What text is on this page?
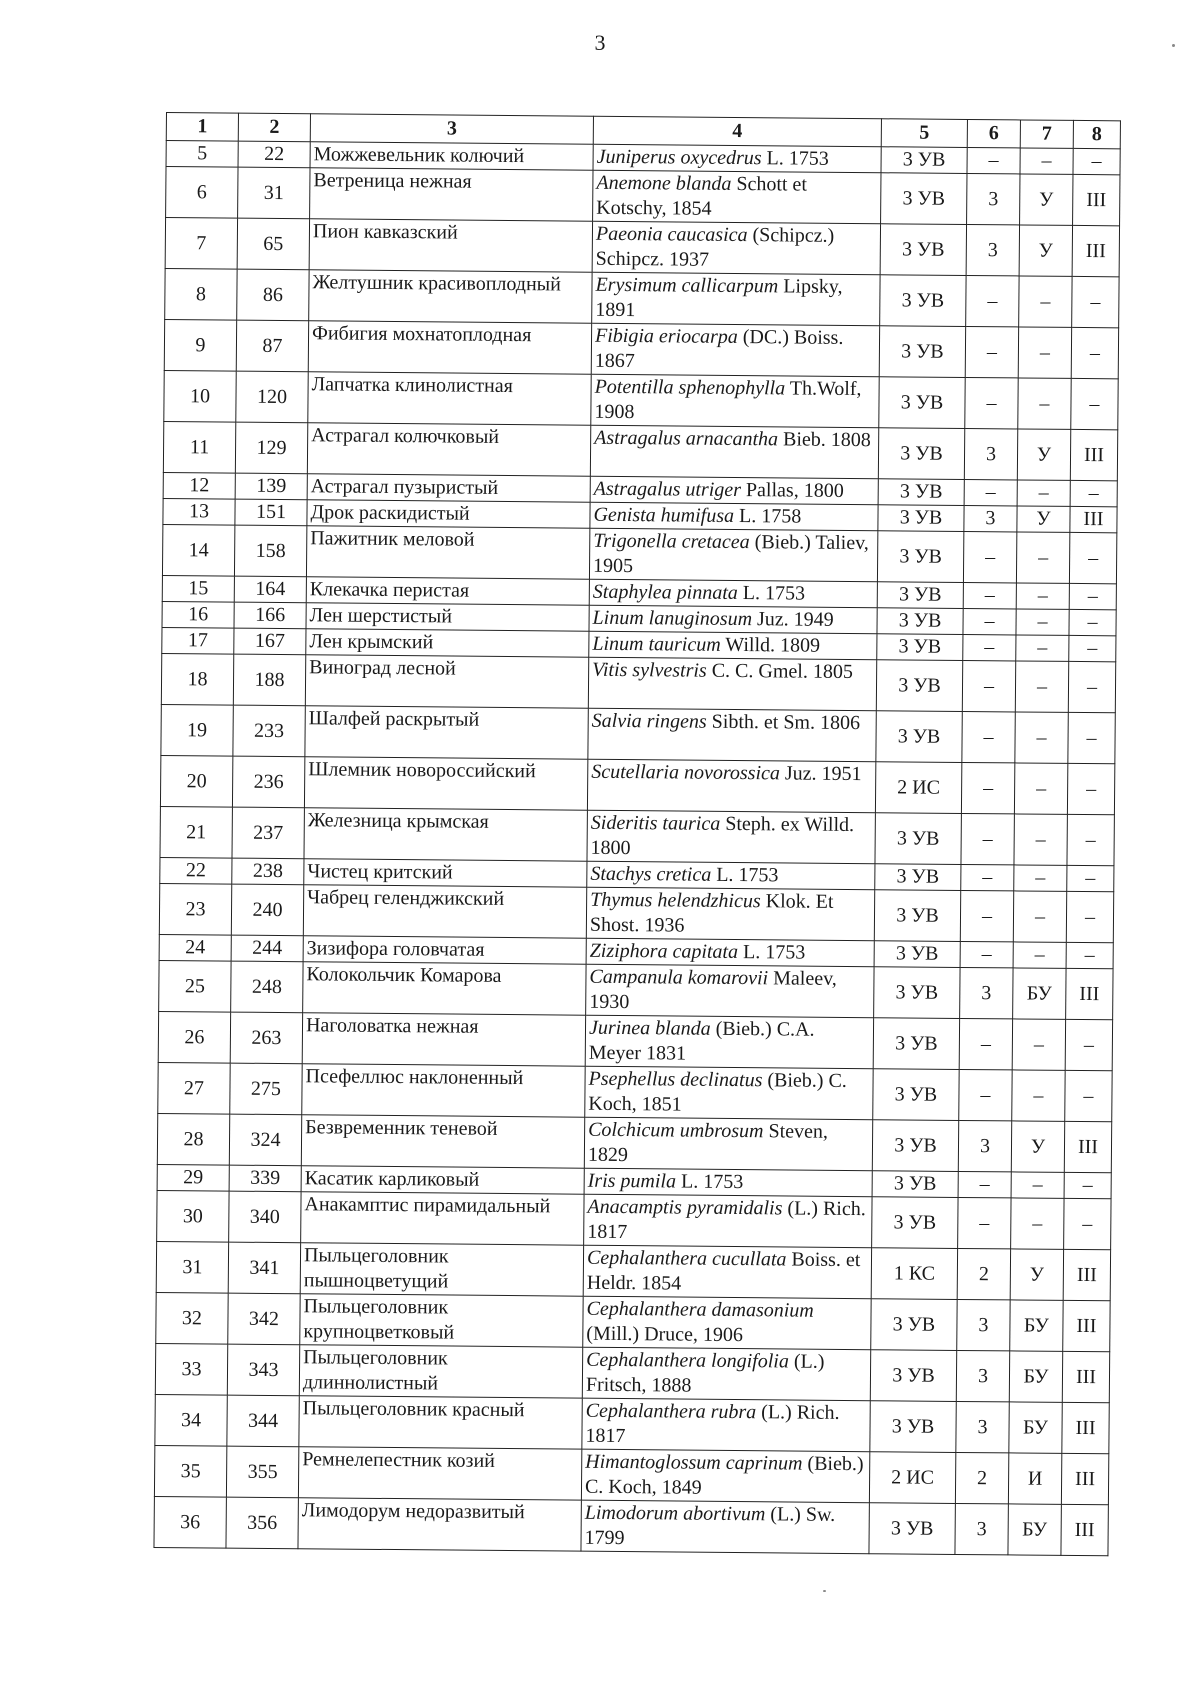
3
1	2	3	4	5	6	7	8
5	22	Можжевельник колючий	Juniperus oxycedrus L. 1753	3 УВ	–	–	–
6	31	Ветреница нежная	Anemone blanda Schott et Kotschy, 1854	3 УВ	3	У	III
7	65	Пион кавказский	Paeonia caucasica (Schipcz.) Schipcz. 1937	3 УВ	3	У	III
8	86	Желтушник красивоплодный	Erysimum callicarpum Lipsky, 1891	3 УВ	–	–	–
9	87	Фибигия мохнатоплодная	Fibigia eriocarpa (DC.) Boiss. 1867	3 УВ	–	–	–
10	120	Лапчатка клинолистная	Potentilla sphenophylla Th.Wolf, 1908	3 УВ	–	–	–
11	129	Астрагал колючковый	Astragalus arnacantha Bieb. 1808	3 УВ	3	У	III
12	139	Астрагал пузыристый	Astragalus utriger Pallas, 1800	3 УВ	–	–	–
13	151	Дрок раскидистый	Genista humifusa L. 1758	3 УВ	3	У	III
14	158	Пажитник меловой	Trigonella cretacea (Bieb.) Taliev, 1905	3 УВ	–	–	–
15	164	Клекачка перистая	Staphylea pinnata L. 1753	3 УВ	–	–	–
16	166	Лен шерстистый	Linum lanuginosum Juz. 1949	3 УВ	–	–	–
17	167	Лен крымский	Linum tauricum Willd. 1809	3 УВ	–	–	–
18	188	Виноград лесной	Vitis sylvestris C. C. Gmel. 1805	3 УВ	–	–	–
19	233	Шалфей раскрытый	Salvia ringens Sibth. et Sm. 1806	3 УВ	–	–	–
20	236	Шлемник новороссийский	Scutellaria novorossica Juz. 1951	2 ИС	–	–	–
21	237	Железница крымская	Sideritis taurica Steph. ex Willd. 1800	3 УВ	–	–	–
22	238	Чистец критский	Stachys cretica L. 1753	3 УВ	–	–	–
23	240	Чабрец геленджикский	Thymus helendzhicus Klok. Et Shost. 1936	3 УВ	–	–	–
24	244	Зизифора головчатая	Ziziphora capitata L. 1753	3 УВ	–	–	–
25	248	Колокольчик Комарова	Campanula komarovii Maleev, 1930	3 УВ	3	БУ	III
26	263	Наголоватка нежная	Jurinea blanda (Bieb.) C.A. Meyer 1831	3 УВ	–	–	–
27	275	Псефеллюс наклоненный	Psephellus declinatus (Bieb.) C. Koch, 1851	3 УВ	–	–	–
28	324	Безвременник теневой	Colchicum umbrosum Steven, 1829	3 УВ	3	У	III
29	339	Касатик карликовый	Iris pumila L. 1753	3 УВ	–	–	–
30	340	Анакамптис пирамидальный	Anacamptis pyramidalis (L.) Rich. 1817	3 УВ	–	–	–
31	341	Пыльцеголовник пышноцветущий	Cephalanthera cucullata Boiss. et Heldr. 1854	1 КС	2	У	III
32	342	Пыльцеголовник крупноцветковый	Cephalanthera damasonium (Mill.) Druce, 1906	3 УВ	3	БУ	III
33	343	Пыльцеголовник длиннолистный	Cephalanthera longifolia (L.) Fritsch, 1888	3 УВ	3	БУ	III
34	344	Пыльцеголовник красный	Cephalanthera rubra (L.) Rich. 1817	3 УВ	3	БУ	III
35	355	Ремнелепестник козий	Himantoglossum caprinum (Bieb.) C. Koch, 1849	2 ИС	2	И	III
36	356	Лимодорум недоразвитый	Limodorum abortivum (L.) Sw. 1799	3 УВ	3	БУ	III
